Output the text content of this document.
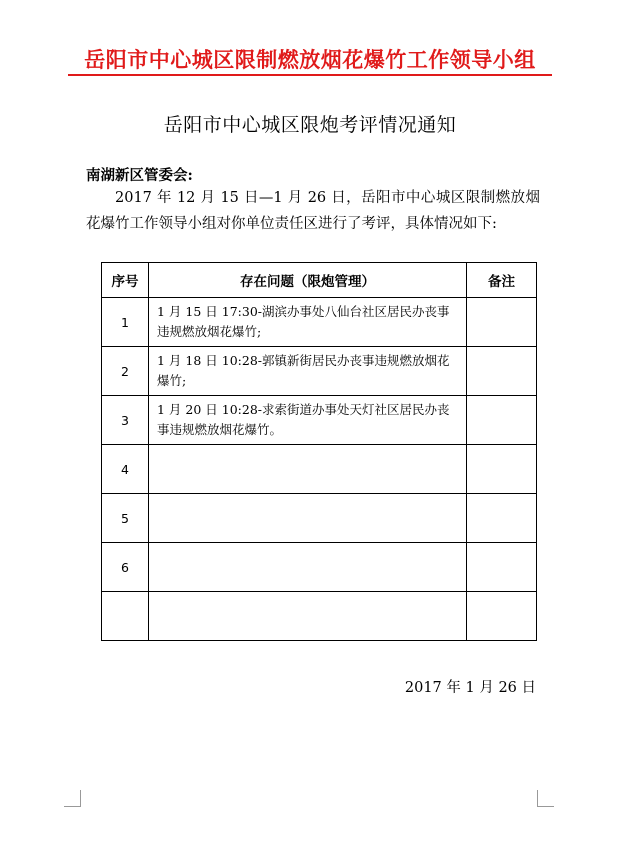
岳阳市中心城区限制燃放烟花爆竹工作领导小组
岳阳市中心城区限炮考评情况通知
南湖新区管委会:
2017 年 12 月 15 日—1 月 26 日，岳阳市中心城区限制燃放烟花爆竹工作领导小组对你单位责任区进行了考评，具体情况如下:
序号	存在问题（限炮管理）	备注
1	1 月 15 日 17:30-湖滨办事处八仙台社区居民办丧事违规燃放烟花爆竹;	
2	1 月 18 日 10:28-郭镇新街居民办丧事违规燃放烟花爆竹;	
3	1 月 20 日 10:28-求索街道办事处天灯社区居民办丧事违规燃放烟花爆竹。	
4		
5		
6		

2017 年 1 月 26 日
